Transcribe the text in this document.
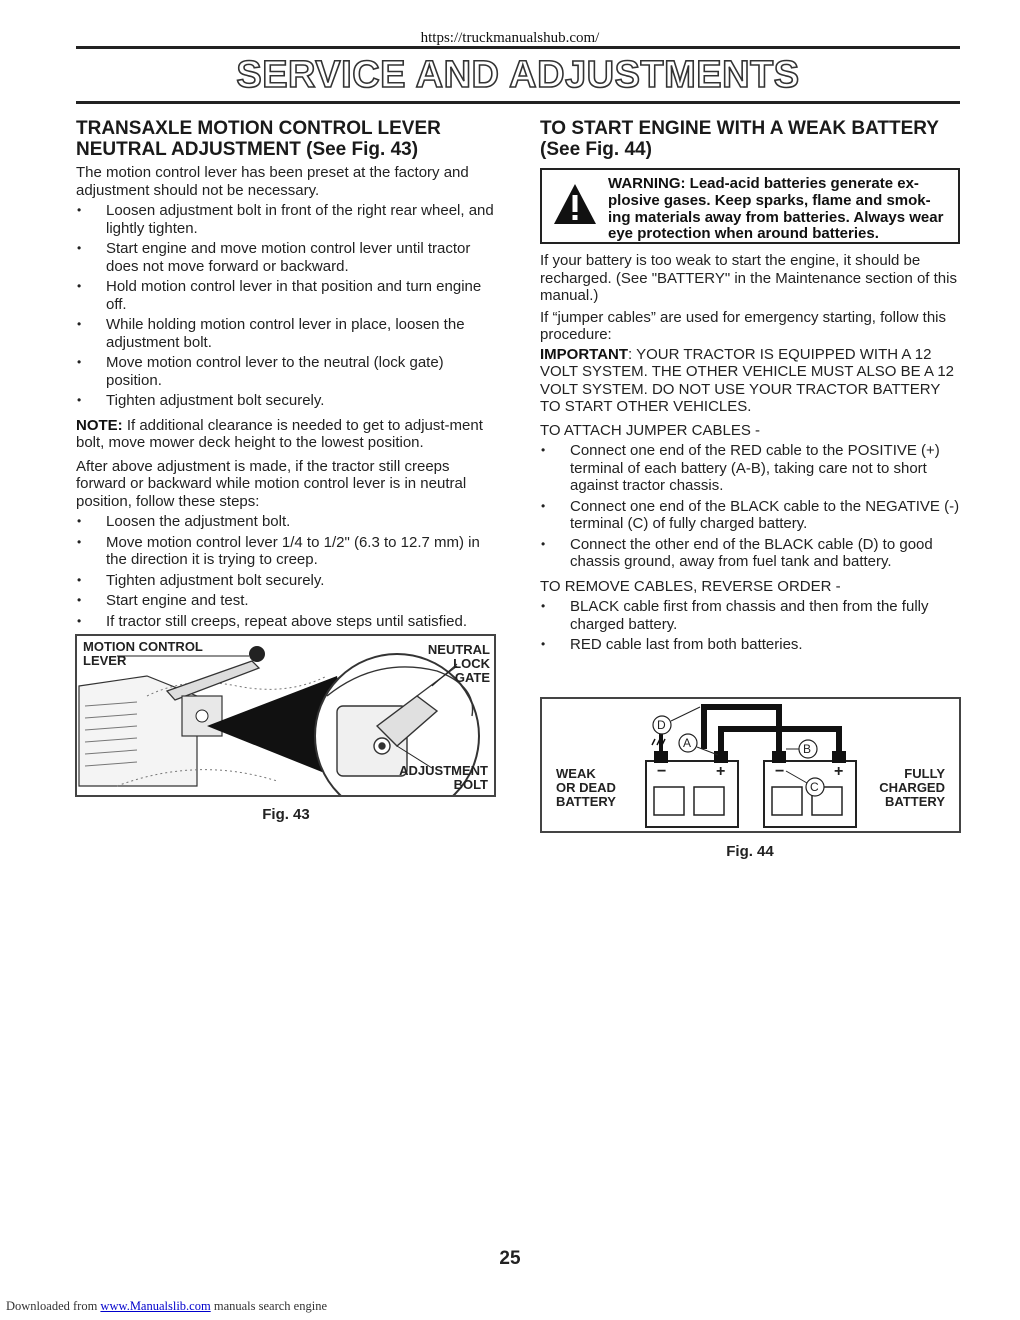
https://truckmanualshub.com/
SERVICE AND ADJUSTMENTS
TRANSAXLE MOTION CONTROL LEVER
NEUTRAL ADJUSTMENT (See Fig. 43)

The motion control lever has been preset at the factory and adjustment should not be necessary.

• Loosen adjustment bolt in front of the right rear wheel, and lightly tighten.
• Start engine and move motion control lever until tractor does not move forward or backward.
• Hold motion control lever in that position and turn engine off.
• While holding motion control lever in place, loosen the adjustment bolt.
• Move motion control lever to the neutral (lock gate) position.
• Tighten adjustment bolt securely.

NOTE: If additional clearance is needed to get to adjust-ment bolt, move mower deck height to the lowest position.

After above adjustment is made, if the tractor still creeps forward or backward while motion control lever is in neutral position, follow these steps:

• Loosen the adjustment bolt.
• Move motion control lever 1/4 to 1/2" (6.3 to 12.7 mm) in the direction it is trying to creep.
• Tighten adjustment bolt securely.
• Start engine and test.
• If tractor still creeps, repeat above steps until satisfied.
MOTION CONTROL
LEVER
NEUTRAL
LOCK
GATE
ADJUSTMENT
BOLT
Fig. 43
TO START ENGINE WITH A WEAK BATTERY
(See Fig. 44)
WARNING: Lead-acid batteries generate ex-plosive gases. Keep sparks, flame and smok-ing materials away from batteries. Always wear eye protection when around batteries.

If your battery is too weak to start the engine, it should be recharged. (See "BATTERY" in the Maintenance section of this manual.)

If “jumper cables” are used for emergency starting, follow this procedure:

IMPORTANT: YOUR TRACTOR IS EQUIPPED WITH A 12 VOLT SYSTEM. THE OTHER VEHICLE MUST ALSO BE A 12 VOLT SYSTEM. DO NOT USE YOUR TRACTOR BATTERY TO START OTHER VEHICLES.

TO ATTACH JUMPER CABLES -

• Connect one end of the RED cable to the POSITIVE (+) terminal of each battery (A-B), taking care not to short against tractor chassis.
• Connect one end of the BLACK cable to the NEGATIVE (-) terminal (C) of fully charged battery.
• Connect the other end of the BLACK cable (D) to good chassis ground, away from fuel tank and battery.

TO REMOVE CABLES, REVERSE ORDER -

• BLACK cable first from chassis and then from the fully charged battery.
• RED cable last from both batteries.
D
A	B
C
−	+	−	+
WEAK
OR DEAD
BATTERY
FULLY
CHARGED
BATTERY
Fig. 44
25
Downloaded from www.Manualslib.com manuals search engine
